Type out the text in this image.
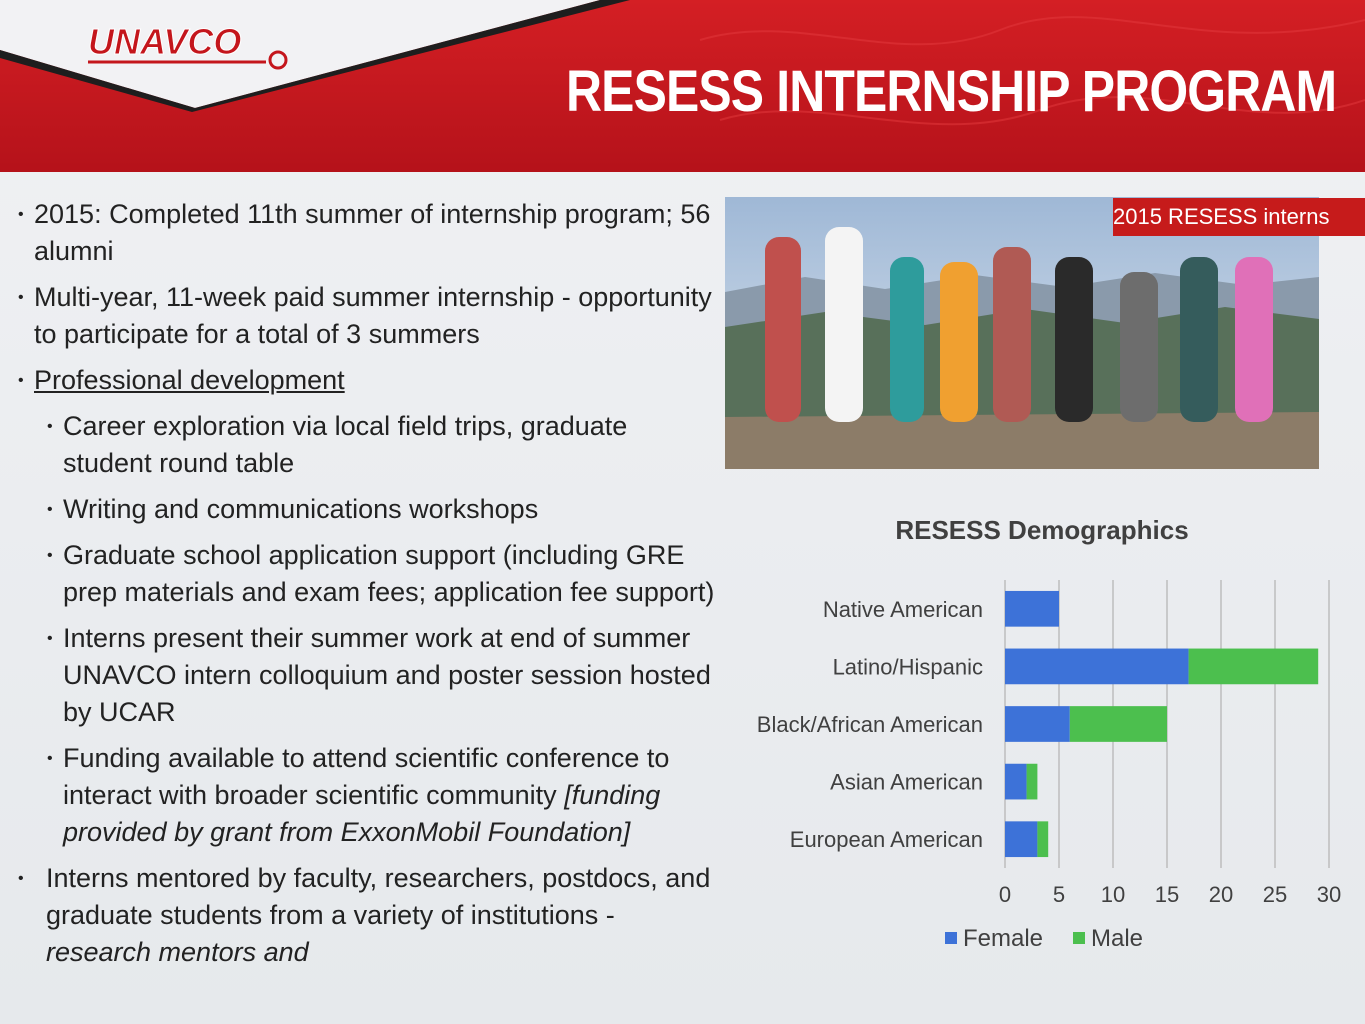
UNAVCO
RESESS INTERNSHIP PROGRAM
• 2015: Completed 11th summer of internship program; 56 alumni
• Multi-year, 11-week paid summer internship - opportunity to participate for a total of 3 summers
• Professional development
• Career exploration via local field trips, graduate student round table
• Writing and communications workshops
• Graduate school application support (including GRE prep materials and exam fees; application fee support)
• Interns present their summer work at end of summer UNAVCO intern colloquium and poster session hosted by UCAR
• Funding available to attend scientific conference to interact with broader scientific community [funding provided by grant from ExxonMobil Foundation]
• Interns mentored by faculty, researchers, postdocs, and graduate students from a variety of institutions - research mentors and
2015 RESESS interns
RESESS Demographics
Native American
Latino/Hispanic
Black/African American
Asian American
European American
0 5 10 15 20 25 30
Female Male
